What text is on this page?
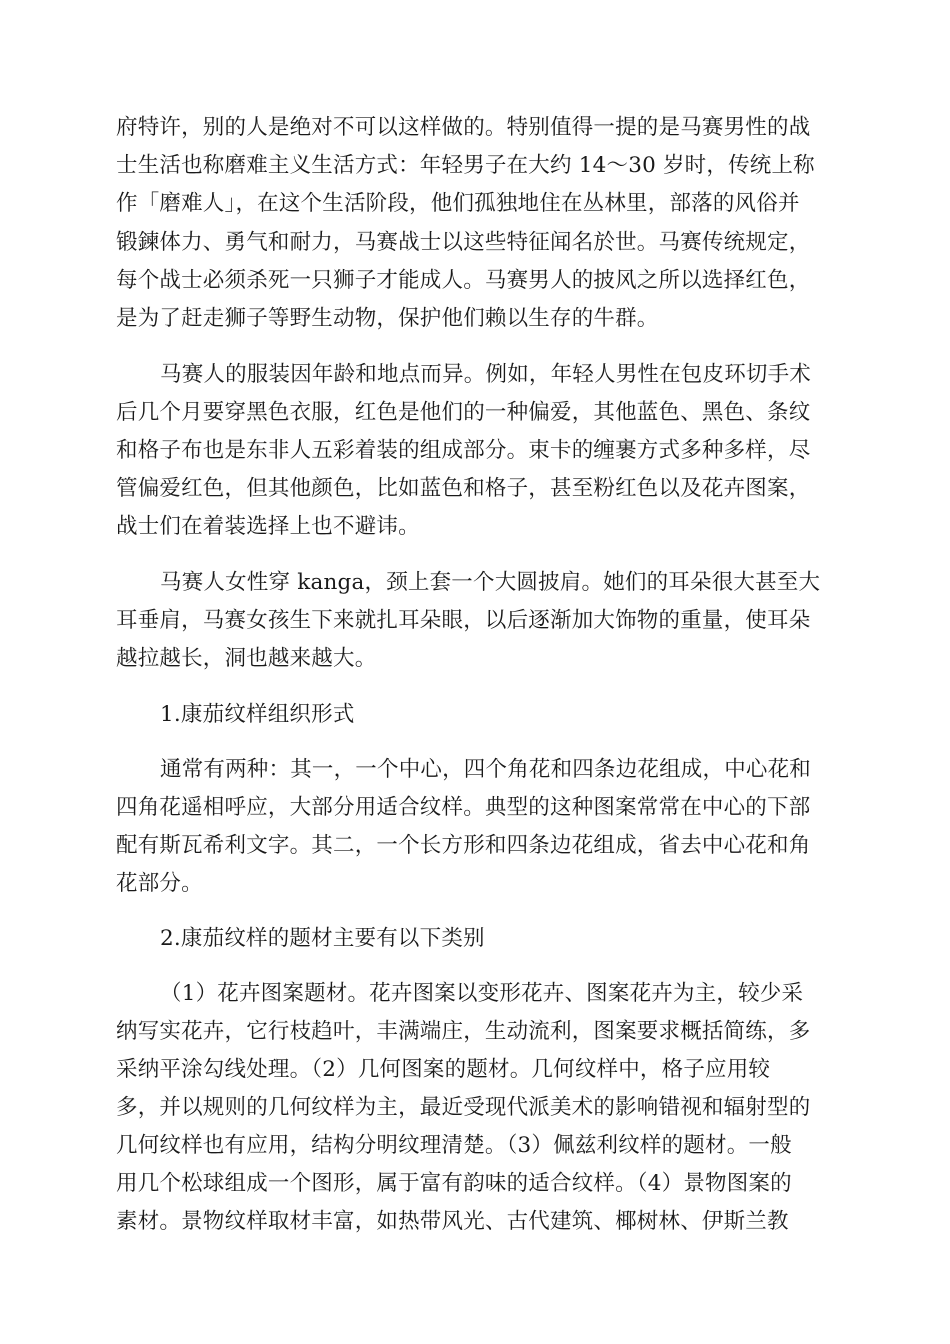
府特许，别的人是绝对不可以这样做的。特别值得一提的是马赛男性的战
士生活也称磨难主义生活方式：年轻男子在大约 14～30 岁时，传统上称
作「磨难人」，在这个生活阶段，他们孤独地住在丛林里，部落的风俗并
锻鍊体力、勇气和耐力，马赛战士以这些特征闻名於世。马赛传统规定，
每个战士必须杀死一只狮子才能成人。马赛男人的披风之所以选择红色，
是为了赶走狮子等野生动物，保护他们赖以生存的牛群。
马赛人的服装因年龄和地点而异。例如，年轻人男性在包皮环切手术
后几个月要穿黑色衣服，红色是他们的一种偏爱，其他蓝色、黑色、条纹
和格子布也是东非人五彩着装的组成部分。束卡的缠裹方式多种多样，尽
管偏爱红色，但其他颜色，比如蓝色和格子，甚至粉红色以及花卉图案，
战士们在着装选择上也不避讳。
马赛人女性穿 kanga，颈上套一个大圆披肩。她们的耳朵很大甚至大
耳垂肩，马赛女孩生下来就扎耳朵眼，以后逐渐加大饰物的重量，使耳朵
越拉越长，洞也越来越大。
1.康茄纹样组织形式
通常有两种：其一，一个中心，四个角花和四条边花组成，中心花和
四角花遥相呼应，大部分用适合纹样。典型的这种图案常常在中心的下部
配有斯瓦希利文字。其二，一个长方形和四条边花组成，省去中心花和角
花部分。
2.康茄纹样的题材主要有以下类别
（1）花卉图案题材。花卉图案以变形花卉、图案花卉为主，较少采
纳写实花卉，它行枝趋叶，丰满端庄，生动流利，图案要求概括简练，多
采纳平涂勾线处理。（2）几何图案的题材。几何纹样中，格子应用较
多，并以规则的几何纹样为主，最近受现代派美术的影响错视和辐射型的
几何纹样也有应用，结构分明纹理清楚。（3）佩兹利纹样的题材。一般
用几个松球组成一个图形，属于富有韵味的适合纹样。（4）景物图案的
素材。景物纹样取材丰富，如热带风光、古代建筑、椰树林、伊斯兰教
